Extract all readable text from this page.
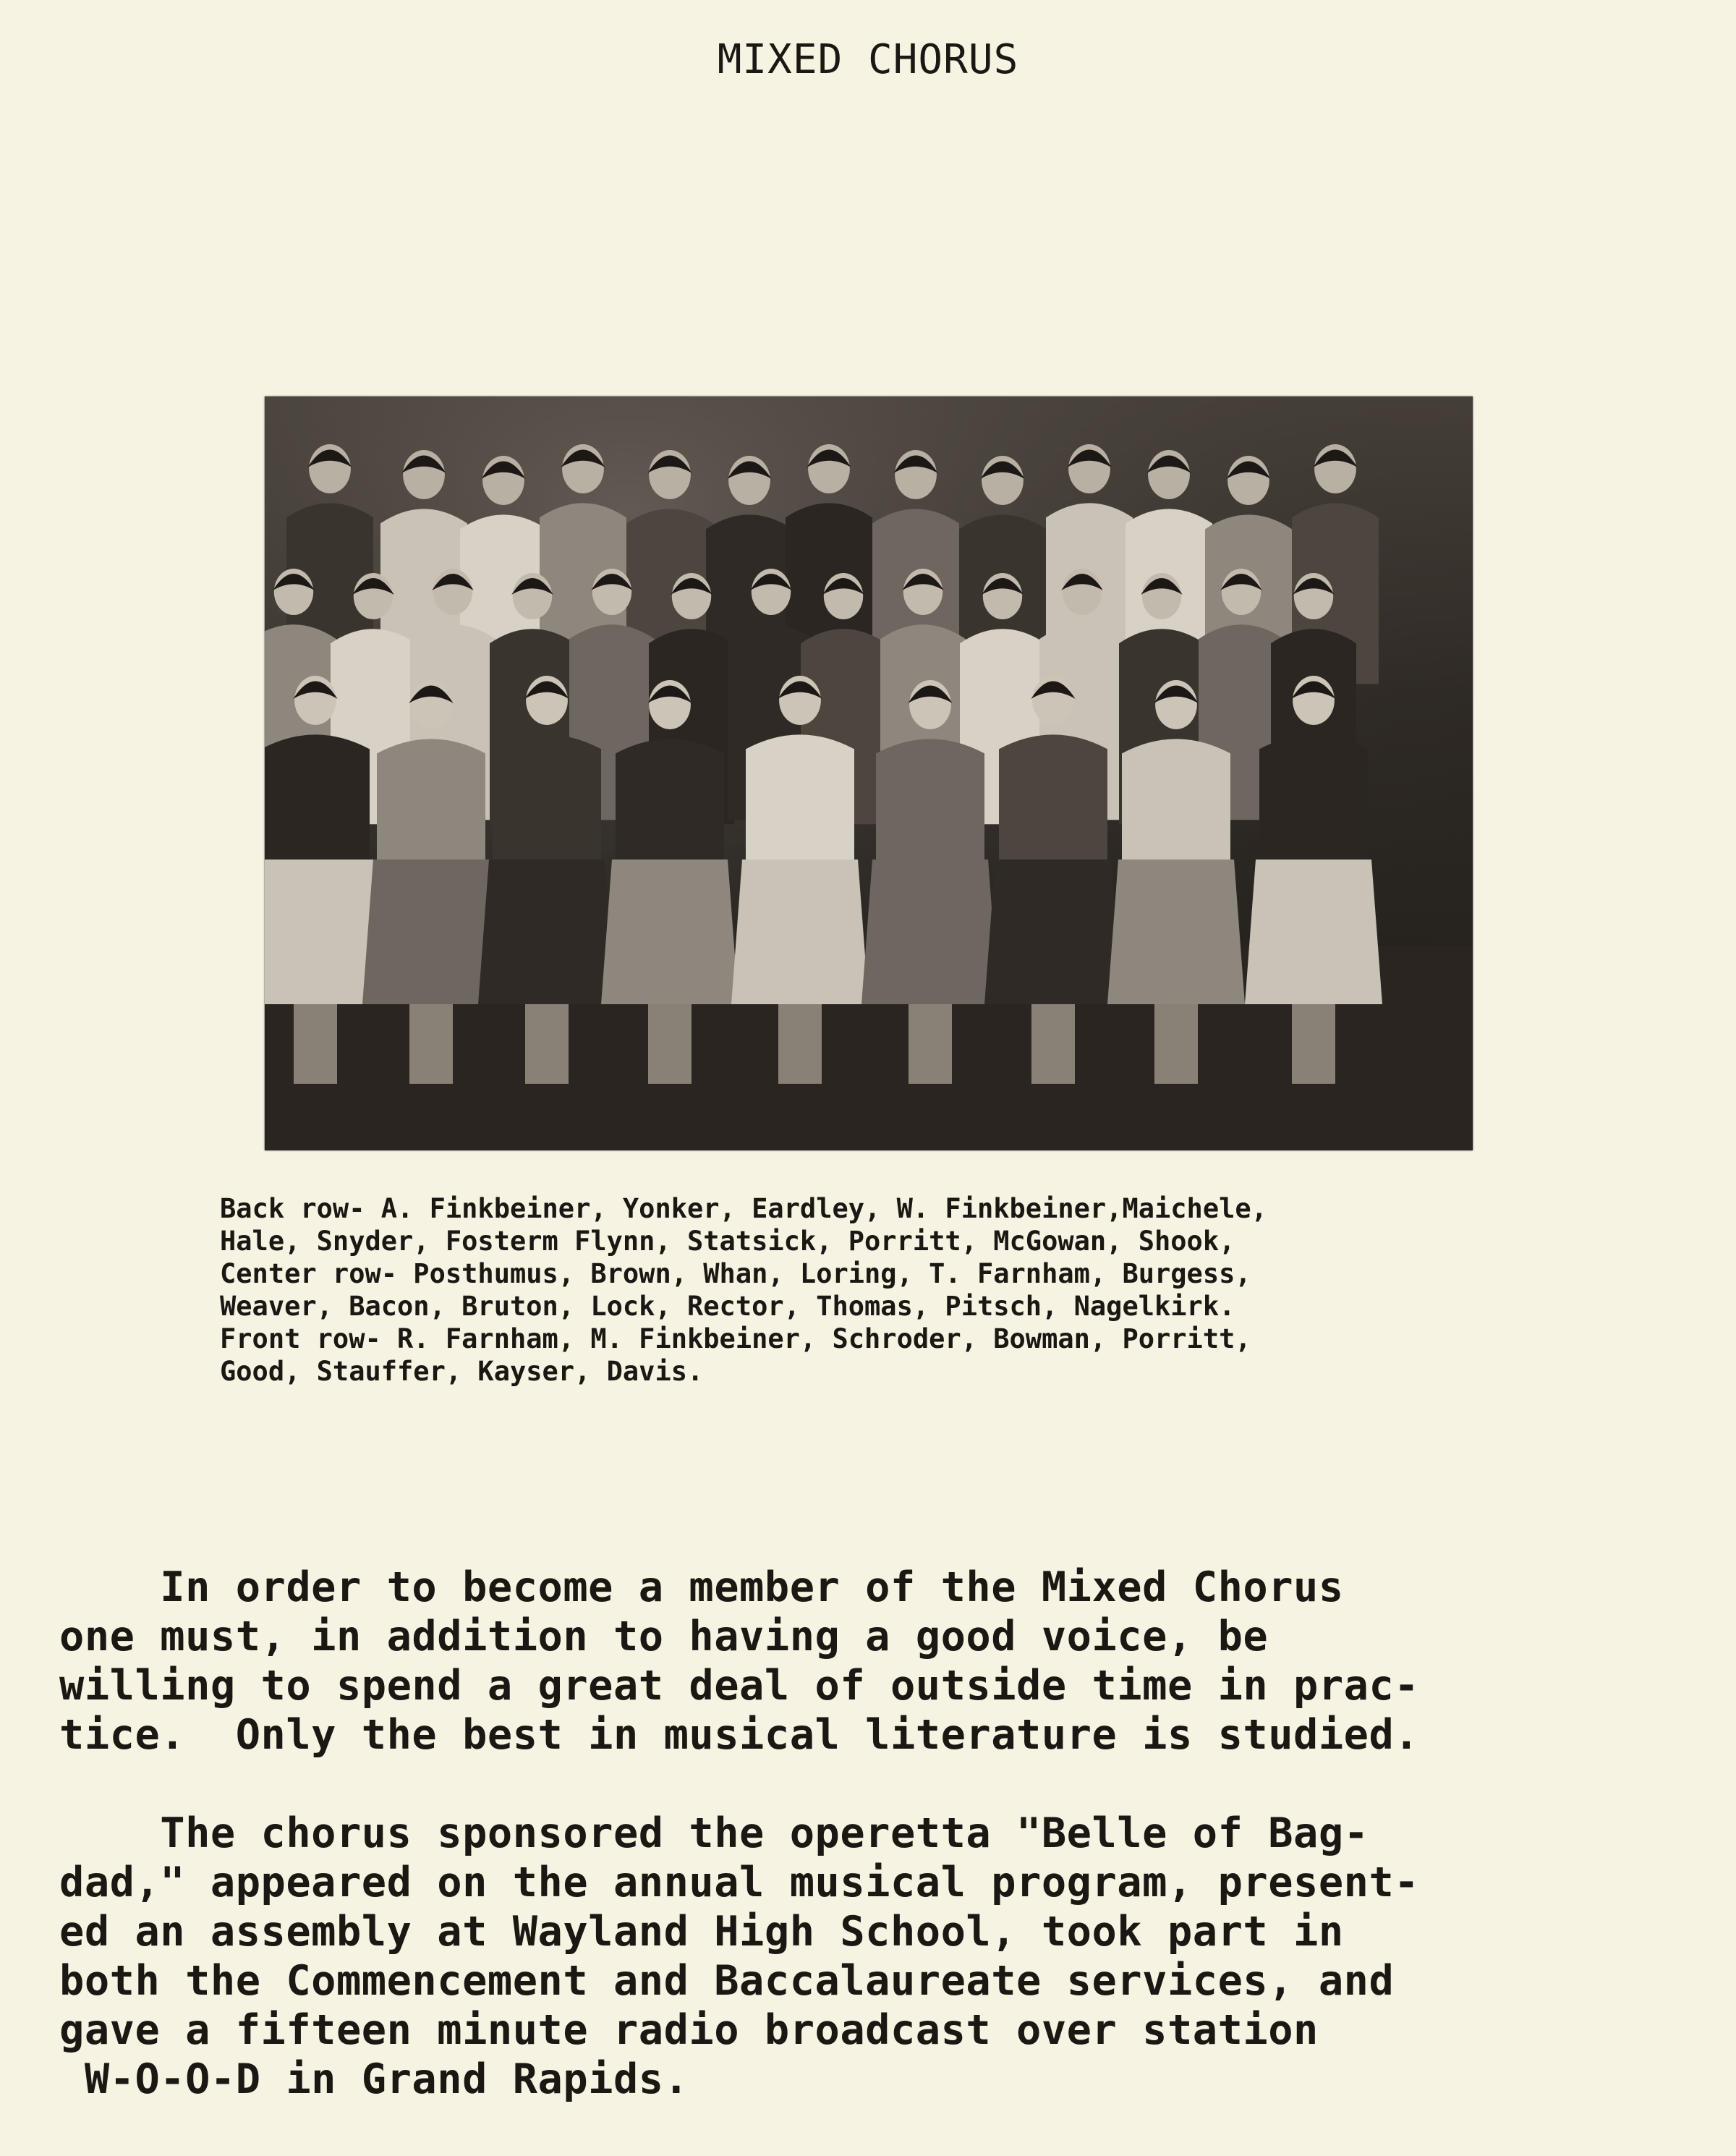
MIXED CHORUS
Back row- A. Finkbeiner, Yonker, Eardley, W. Finkbeiner,Maichele,
Hale, Snyder, Fosterm Flynn, Statsick, Porritt, McGowan, Shook,
Center row- Posthumus, Brown, Whan, Loring, T. Farnham, Burgess,
Weaver, Bacon, Bruton, Lock, Rector, Thomas, Pitsch, Nagelkirk.
Front row- R. Farnham, M. Finkbeiner, Schroder, Bowman, Porritt,
Good, Stauffer, Kayser, Davis.
In order to become a member of the Mixed Chorus
one must, in addition to having a good voice, be
willing to spend a great deal of outside time in prac-
tice.  Only the best in musical literature is studied.
The chorus sponsored the operetta "Belle of Bag-
dad," appeared on the annual musical program, present-
ed an assembly at Wayland High School, took part in
both the Commencement and Baccalaureate services, and
gave a fifteen minute radio broadcast over station
W-O-O-D in Grand Rapids.
